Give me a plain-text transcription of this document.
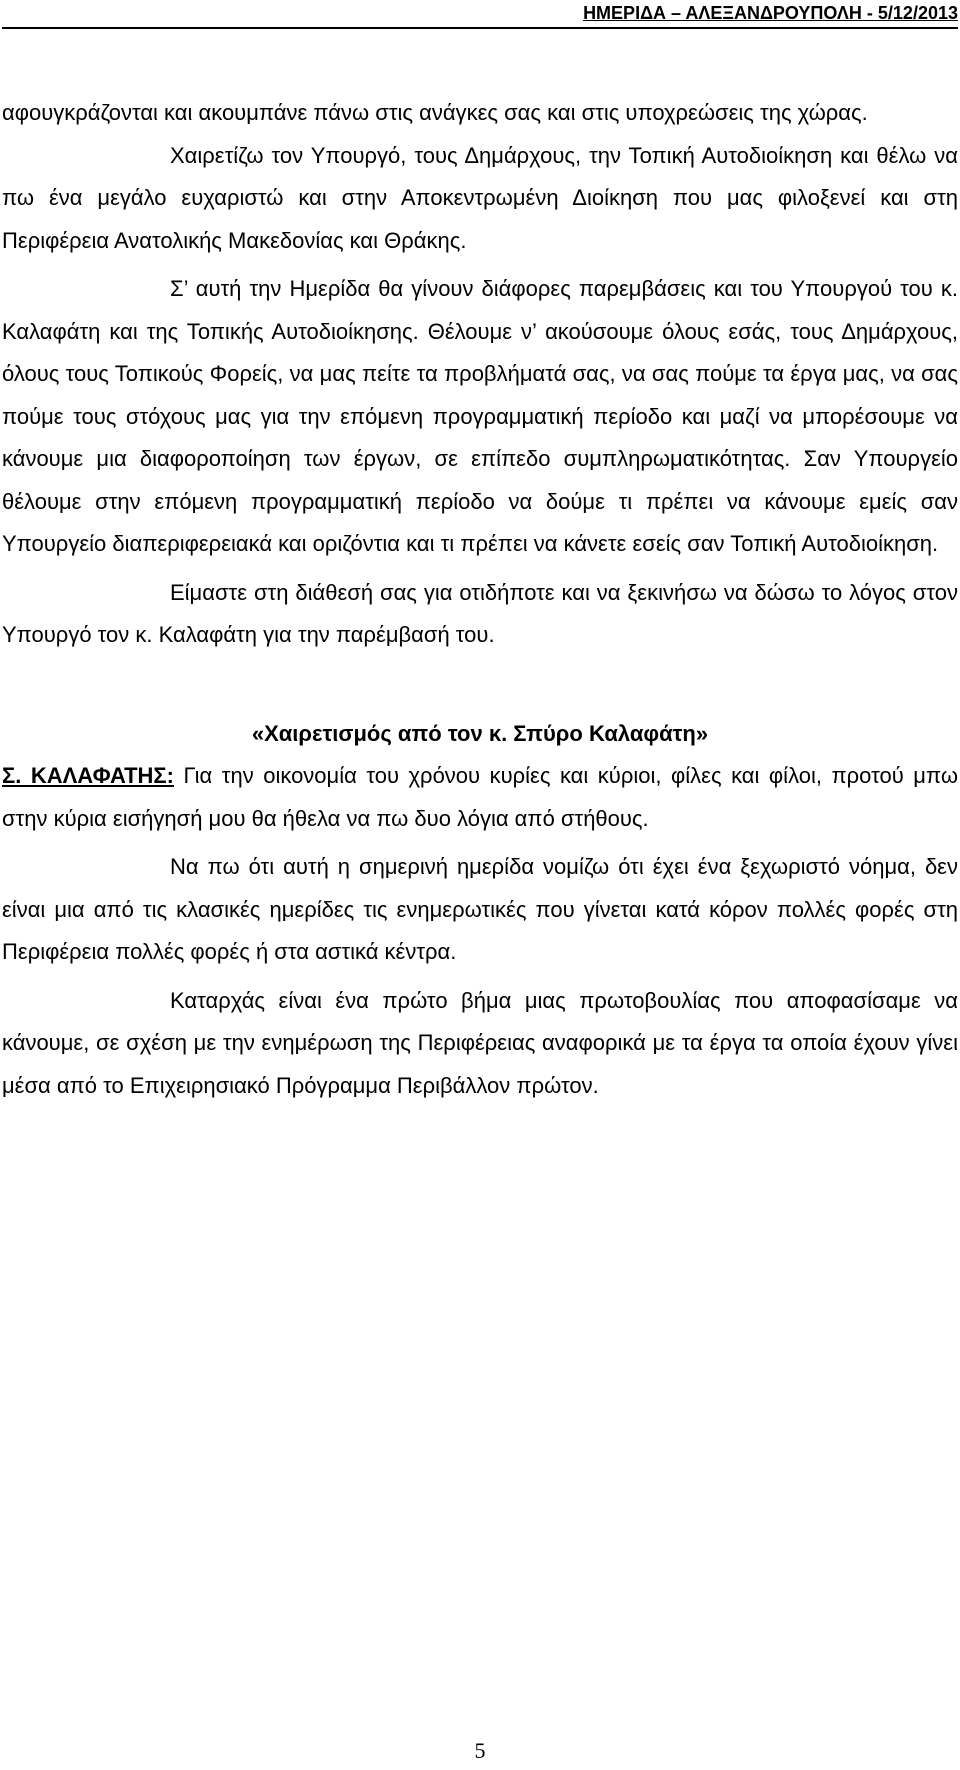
ΗΜΕΡΙΔΑ – ΑΛΕΞΑΝΔΡΟΥΠΟΛΗ - 5/12/2013

αφουγκράζονται και ακουμπάνε πάνω στις ανάγκες σας και στις υποχρεώσεις της χώρας.

Χαιρετίζω τον Υπουργό, τους Δημάρχους, την Τοπική Αυτοδιοίκηση και θέλω να πω ένα μεγάλο ευχαριστώ και στην Αποκεντρωμένη Διοίκηση που μας φιλοξενεί και στη Περιφέρεια Ανατολικής Μακεδονίας και Θράκης.

Σ’ αυτή την Ημερίδα θα γίνουν διάφορες παρεμβάσεις και του Υπουργού του κ. Καλαφάτη και της Τοπικής Αυτοδιοίκησης. Θέλουμε ν’ ακούσουμε όλους εσάς, τους Δημάρχους, όλους τους Τοπικούς Φορείς, να μας πείτε τα προβλήματά σας, να σας πούμε τα έργα μας, να σας πούμε τους στόχους μας για την επόμενη προγραμματική περίοδο και μαζί να μπορέσουμε να κάνουμε μια διαφοροποίηση των έργων, σε επίπεδο συμπληρωματικότητας. Σαν Υπουργείο θέλουμε στην επόμενη προγραμματική περίοδο να δούμε τι πρέπει να κάνουμε εμείς σαν Υπουργείο διαπεριφερειακά και οριζόντια και τι πρέπει να κάνετε εσείς σαν Τοπική Αυτοδιοίκηση.

Είμαστε στη διάθεσή σας για οτιδήποτε και να ξεκινήσω να δώσω το λόγος στον Υπουργό τον κ. Καλαφάτη για την παρέμβασή του.

«Χαιρετισμός από τον κ. Σπύρο Καλαφάτη»

Σ. ΚΑΛΑΦΑΤΗΣ: Για την οικονομία του χρόνου κυρίες και κύριοι, φίλες και φίλοι, προτού μπω στην κύρια εισήγησή μου θα ήθελα να πω δυο λόγια από στήθους.

Να πω ότι αυτή η σημερινή ημερίδα νομίζω ότι έχει ένα ξεχωριστό νόημα, δεν είναι μια από τις κλασικές ημερίδες τις ενημερωτικές που γίνεται κατά κόρον πολλές φορές στη Περιφέρεια πολλές φορές ή στα αστικά κέντρα.

Καταρχάς είναι ένα πρώτο βήμα μιας πρωτοβουλίας που αποφασίσαμε να κάνουμε, σε σχέση με την ενημέρωση της Περιφέρειας αναφορικά με τα έργα τα οποία έχουν γίνει μέσα από το Επιχειρησιακό Πρόγραμμα Περιβάλλον πρώτον.

5
